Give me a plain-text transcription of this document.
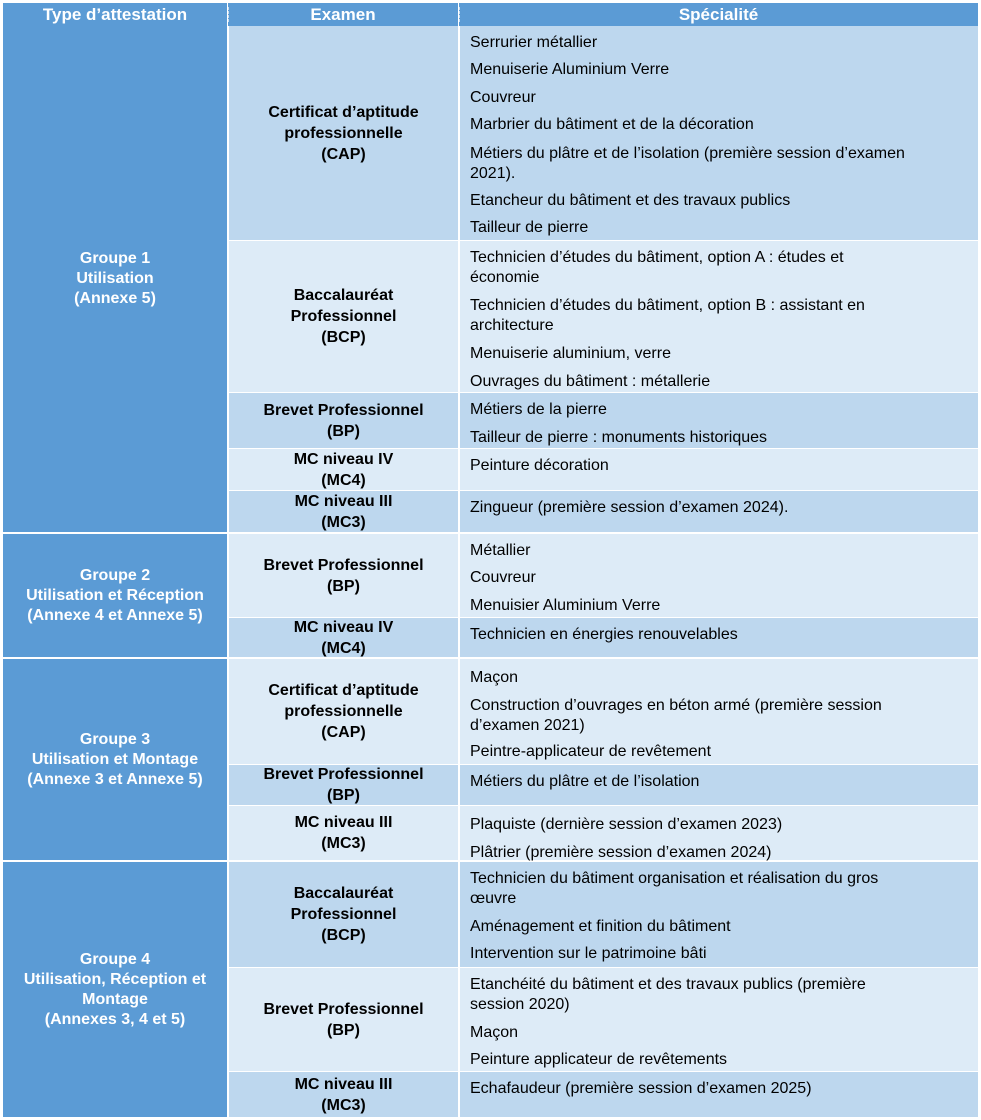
Type d’attestation	Examen	Spécialité
Groupe 1
Utilisation
(Annexe 5)
Certificat d’aptitude
professionnelle
(CAP)
Serrurier métallier
Menuiserie Aluminium Verre
Couvreur
Marbrier du bâtiment et de la décoration
Métiers du plâtre et de l’isolation (première session d’examen
2021).
Etancheur du bâtiment et des travaux publics
Tailleur de pierre
Baccalauréat
Professionnel
(BCP)
Technicien d’études du bâtiment, option A : études et
économie
Technicien d’études du bâtiment, option B : assistant en
architecture
Menuiserie aluminium, verre
Ouvrages du bâtiment : métallerie
Brevet Professionnel
(BP)
Métiers de la pierre
Tailleur de pierre : monuments historiques
MC niveau IV
(MC4)
Peinture décoration
MC niveau III
(MC3)
Zingueur (première session d’examen 2024).
Groupe 2
Utilisation et Réception
(Annexe 4 et Annexe 5)
Brevet Professionnel
(BP)
Métallier
Couvreur
Menuisier Aluminium Verre
MC niveau IV
(MC4)
Technicien en énergies renouvelables
Groupe 3
Utilisation et Montage
(Annexe 3 et Annexe 5)
Certificat d’aptitude
professionnelle
(CAP)
Maçon
Construction d’ouvrages en béton armé (première session
d’examen 2021)
Peintre-applicateur de revêtement
Brevet Professionnel
(BP)
Métiers du plâtre et de l’isolation
MC niveau III
(MC3)
Plaquiste (dernière session d’examen 2023)
Plâtrier (première session d’examen 2024)
Groupe 4
Utilisation, Réception et
Montage
(Annexes 3, 4 et 5)
Baccalauréat
Professionnel
(BCP)
Technicien du bâtiment organisation et réalisation du gros
œuvre
Aménagement et finition du bâtiment
Intervention sur le patrimoine bâti
Brevet Professionnel
(BP)
Etanchéité du bâtiment et des travaux publics (première
session 2020)
Maçon
Peinture applicateur de revêtements
MC niveau III
(MC3)
Echafaudeur (première session d’examen 2025)
